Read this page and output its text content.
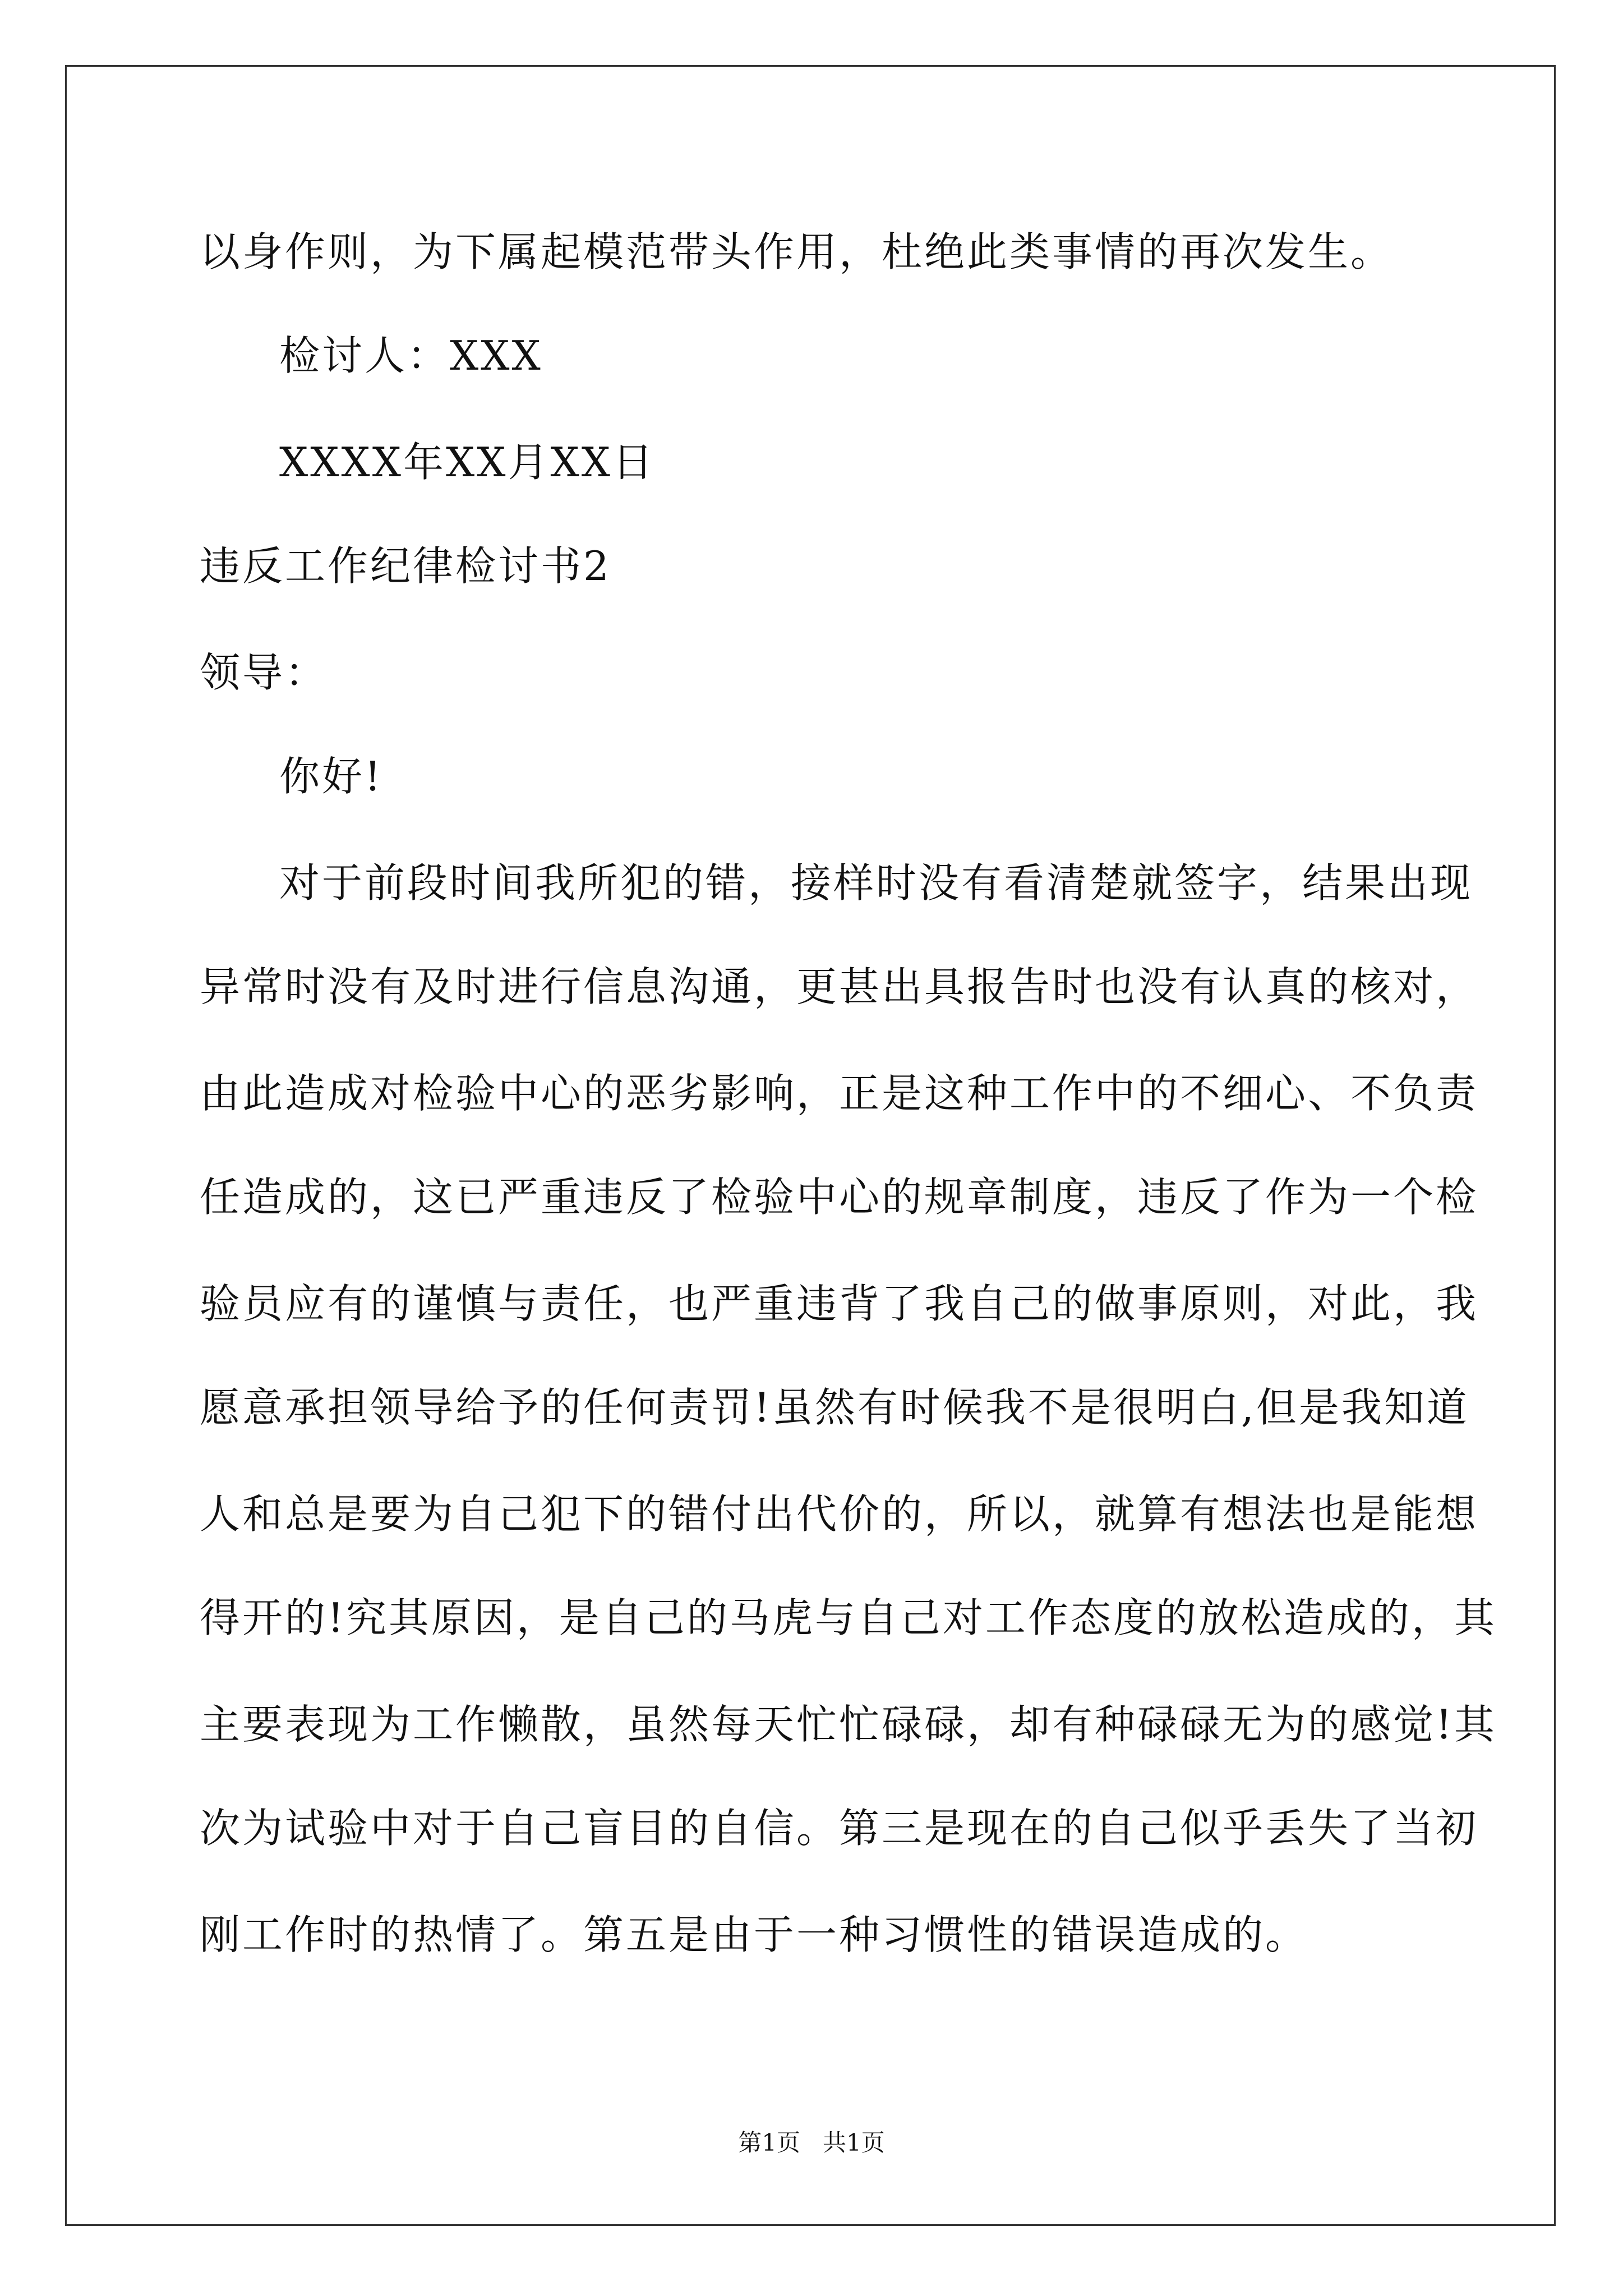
以身作则，为下属起模范带头作用，杜绝此类事情的再次发生。
检讨人：XXX
XXXX年XX月XX日
违反工作纪律检讨书2
领导：
你好!
对于前段时间我所犯的错，接样时没有看清楚就签字，结果出现
异常时没有及时进行信息沟通，更甚出具报告时也没有认真的核对，
由此造成对检验中心的恶劣影响，正是这种工作中的不细心、不负责
任造成的，这已严重违反了检验中心的规章制度，违反了作为一个检
验员应有的谨慎与责任，也严重违背了我自己的做事原则，对此，我
愿意承担领导给予的任何责罚!虽然有时候我不是很明白,但是我知道
人和总是要为自己犯下的错付出代价的，所以，就算有想法也是能想
得开的!究其原因，是自己的马虎与自己对工作态度的放松造成的，其
主要表现为工作懒散，虽然每天忙忙碌碌，却有种碌碌无为的感觉!其
次为试验中对于自己盲目的自信。第三是现在的自己似乎丢失了当初
刚工作时的热情了。第五是由于一种习惯性的错误造成的。
第1页   共1页
